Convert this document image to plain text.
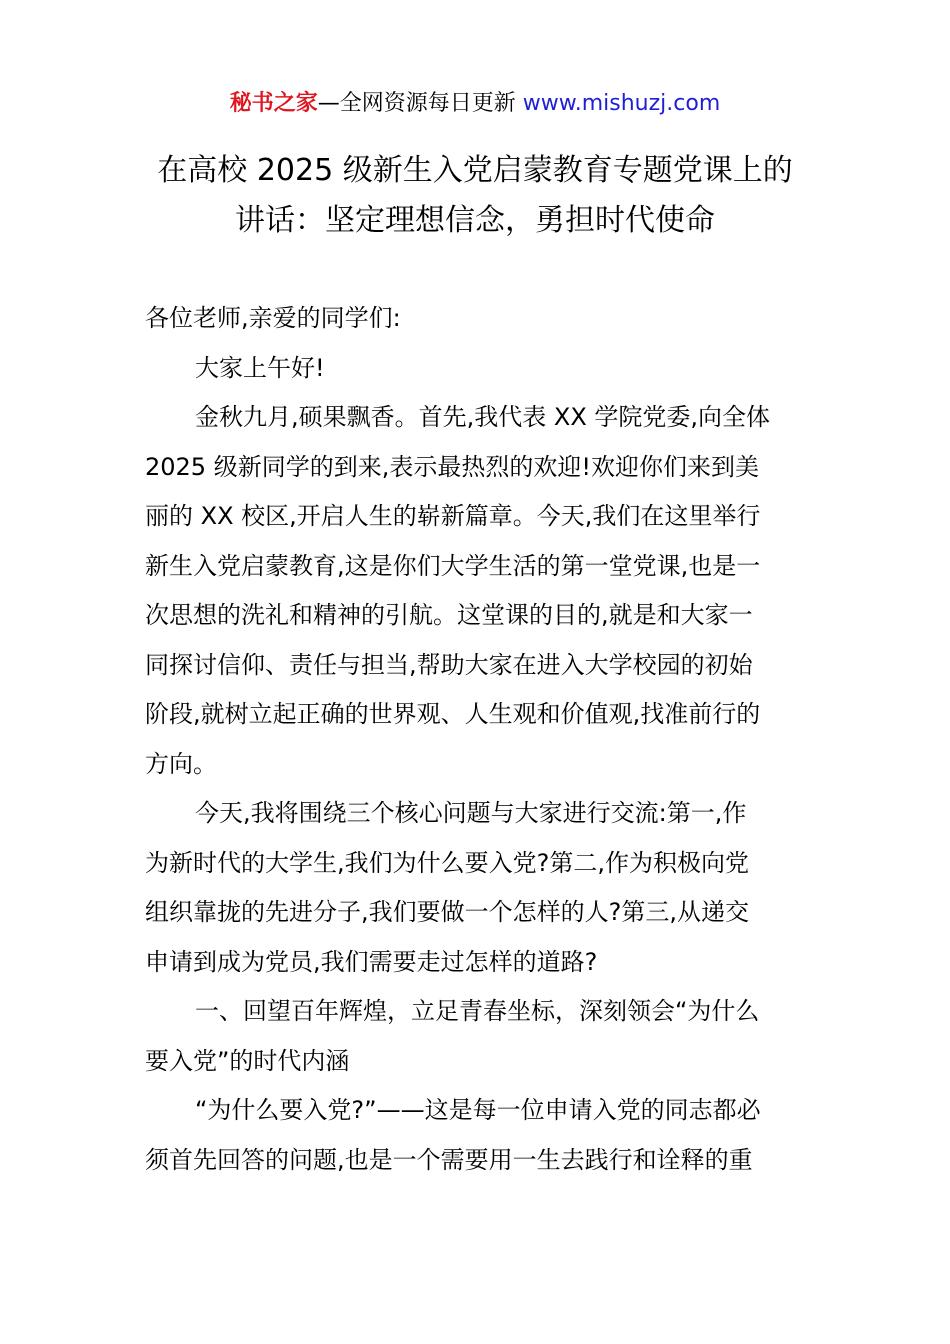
秘书之家—全网资源每日更新 www.mishuzj.com
在高校 2025 级新生入党启蒙教育专题党课上的
讲话：坚定理想信念，勇担时代使命
各位老师,亲爱的同学们:
大家上午好!
金秋九月,硕果飘香。首先,我代表 XX 学院党委,向全体
2025 级新同学的到来,表示最热烈的欢迎!欢迎你们来到美
丽的 XX 校区,开启人生的崭新篇章。今天,我们在这里举行
新生入党启蒙教育,这是你们大学生活的第一堂党课,也是一
次思想的洗礼和精神的引航。这堂课的目的,就是和大家一
同探讨信仰、责任与担当,帮助大家在进入大学校园的初始
阶段,就树立起正确的世界观、人生观和价值观,找准前行的
方向。
今天,我将围绕三个核心问题与大家进行交流:第一,作
为新时代的大学生,我们为什么要入党?第二,作为积极向党
组织靠拢的先进分子,我们要做一个怎样的人?第三,从递交
申请到成为党员,我们需要走过怎样的道路?
一、回望百年辉煌，立足青春坐标，深刻领会“为什么
要入党”的时代内涵
“为什么要入党?”——这是每一位申请入党的同志都必
须首先回答的问题,也是一个需要用一生去践行和诠释的重
